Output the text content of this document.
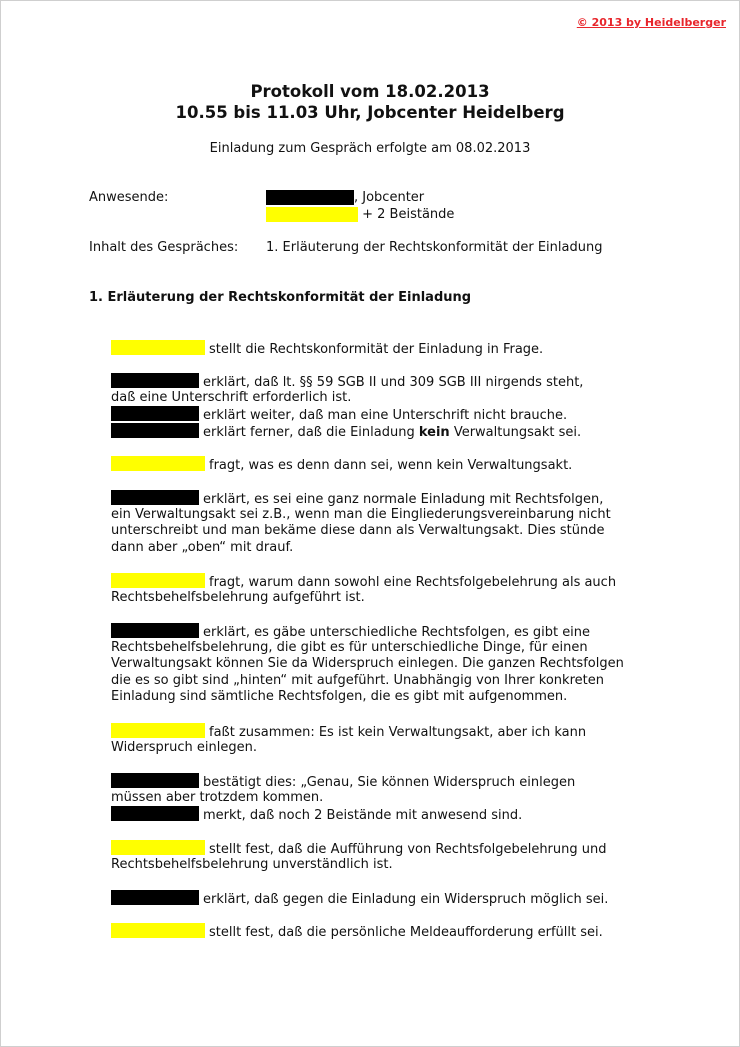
© 2013 by Heidelberger
Protokoll vom 18.02.2013
10.55 bis 11.03 Uhr, Jobcenter Heidelberg
Einladung zum Gespräch erfolgte am 08.02.2013
Anwesende:	, Jobcenter
+ 2 Beistände
Inhalt des Gespräches: 1. Erläuterung der Rechtskonformität der Einladung
1. Erläuterung der Rechtskonformität der Einladung
stellt die Rechtskonformität der Einladung in Frage.
erklärt, daß lt. §§ 59 SGB II und 309 SGB III nirgends steht,
daß eine Unterschrift erforderlich ist.
erklärt weiter, daß man eine Unterschrift nicht brauche.
erklärt ferner, daß die Einladung kein Verwaltungsakt sei.
fragt, was es denn dann sei, wenn kein Verwaltungsakt.
erklärt, es sei eine ganz normale Einladung mit Rechtsfolgen,
ein Verwaltungsakt sei z.B., wenn man die Eingliederungsvereinbarung nicht
unterschreibt und man bekäme diese dann als Verwaltungsakt. Dies stünde
dann aber „oben“ mit drauf.
fragt, warum dann sowohl eine Rechtsfolgebelehrung als auch
Rechtsbehelfsbelehrung aufgeführt ist.
erklärt, es gäbe unterschiedliche Rechtsfolgen, es gibt eine
Rechtsbehelfsbelehrung, die gibt es für unterschiedliche Dinge, für einen
Verwaltungsakt können Sie da Widerspruch einlegen. Die ganzen Rechtsfolgen
die es so gibt sind „hinten“ mit aufgeführt. Unabhängig von Ihrer konkreten
Einladung sind sämtliche Rechtsfolgen, die es gibt mit aufgenommen.
faßt zusammen: Es ist kein Verwaltungsakt, aber ich kann
Widerspruch einlegen.
bestätigt dies: „Genau, Sie können Widerspruch einlegen
müssen aber trotzdem kommen.
merkt, daß noch 2 Beistände mit anwesend sind.
stellt fest, daß die Aufführung von Rechtsfolgebelehrung und
Rechtsbehelfsbelehrung unverständlich ist.
erklärt, daß gegen die Einladung ein Widerspruch möglich sei.
stellt fest, daß die persönliche Meldeaufforderung erfüllt sei.
